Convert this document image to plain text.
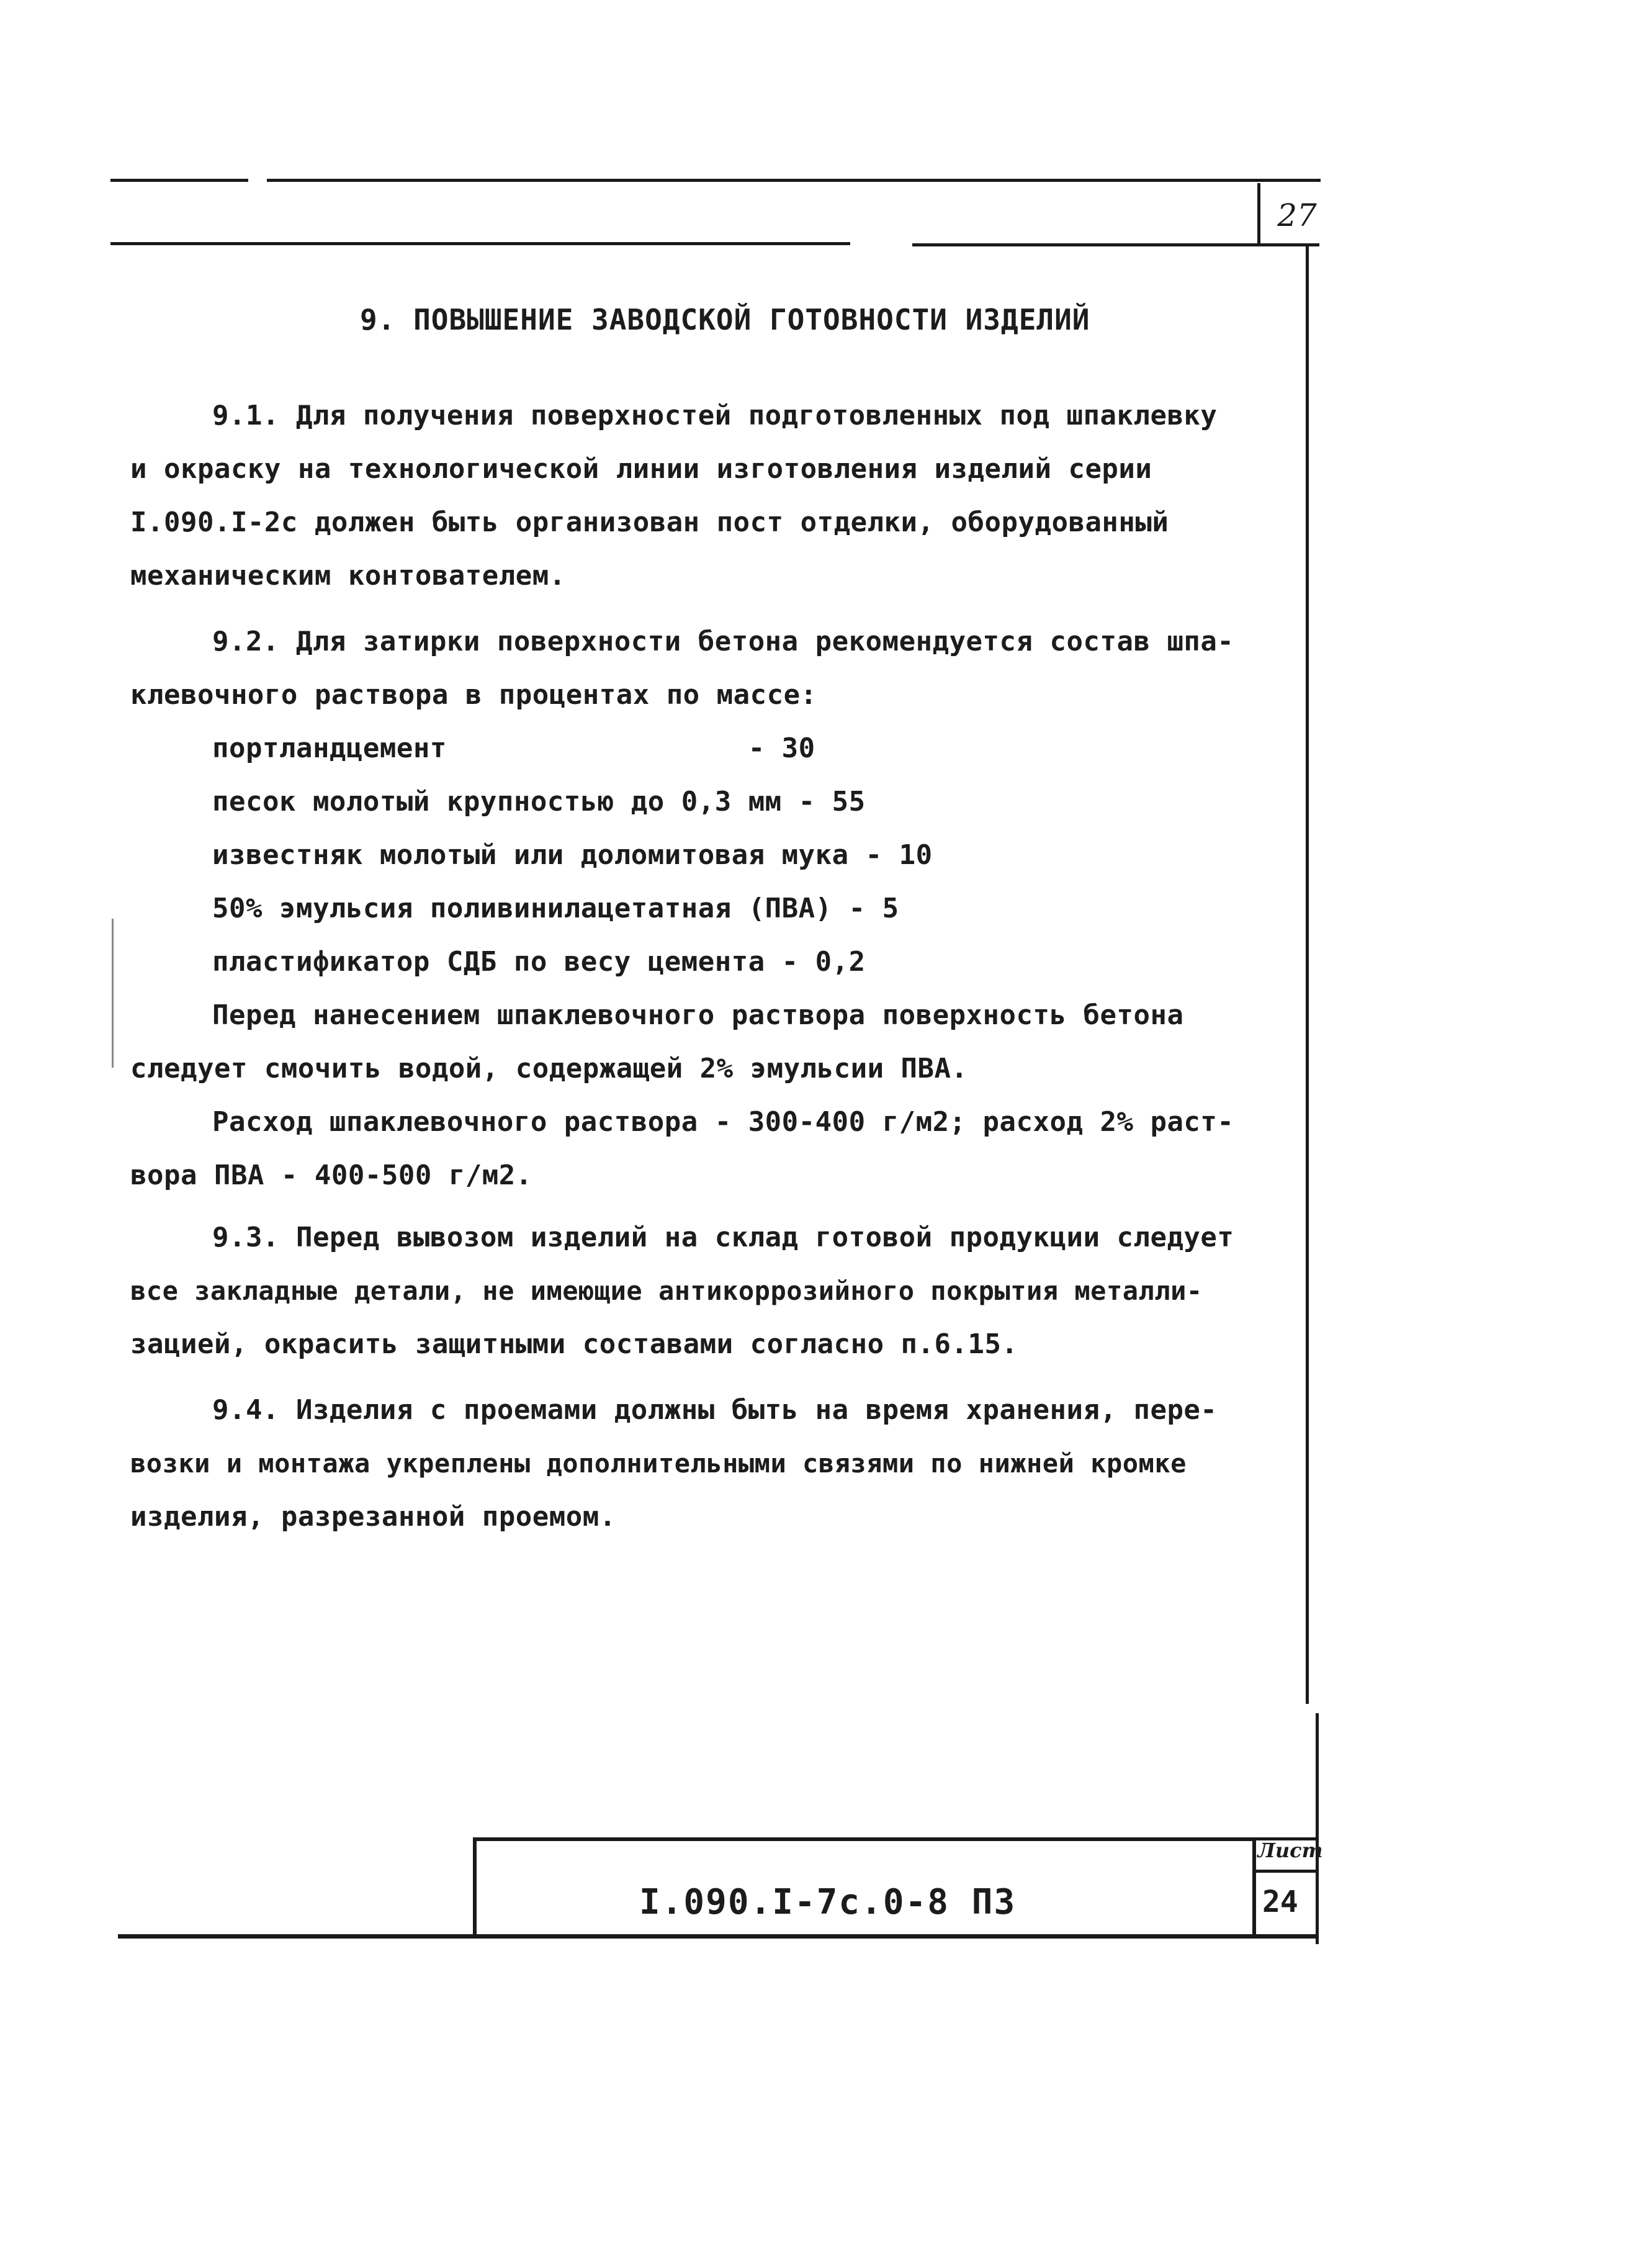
27
9. ПОВЫШЕНИЕ ЗАВОДСКОЙ ГОТОВНОСТИ ИЗДЕЛИЙ
9.1. Для получения поверхностей подготовленных под шпаклевку
и окраску на технологической линии изготовления изделий серии
I.090.I-2с должен быть организован пост отделки, оборудованный
механическим контователем.
9.2. Для затирки поверхности бетона рекомендуется состав шпа-
клевочного раствора в процентах по массе:
портландцемент                  - 30
песок молотый крупностью до 0,3 мм - 55
известняк молотый или доломитовая мука - 10
50% эмульсия поливинилацетатная (ПВА) - 5
пластификатор СДБ по весу цемента - 0,2
Перед нанесением шпаклевочного раствора поверхность бетона
следует смочить водой, содержащей 2% эмульсии ПВА.
Расход шпаклевочного раствора - 300-400 г/м2; расход 2% раст-
вора ПВА - 400-500 г/м2.
9.3. Перед вывозом изделий на склад готовой продукции следует
все закладные детали, не имеющие антикоррозийного покрытия металли-
зацией, окрасить защитными составами согласно п.6.15.
9.4. Изделия с проемами должны быть на время хранения, пере-
возки и монтажа укреплены дополнительными связями по нижней кромке
изделия, разрезанной проемом.
I.090.I-7с.0-8 ПЗ
Лист
24
